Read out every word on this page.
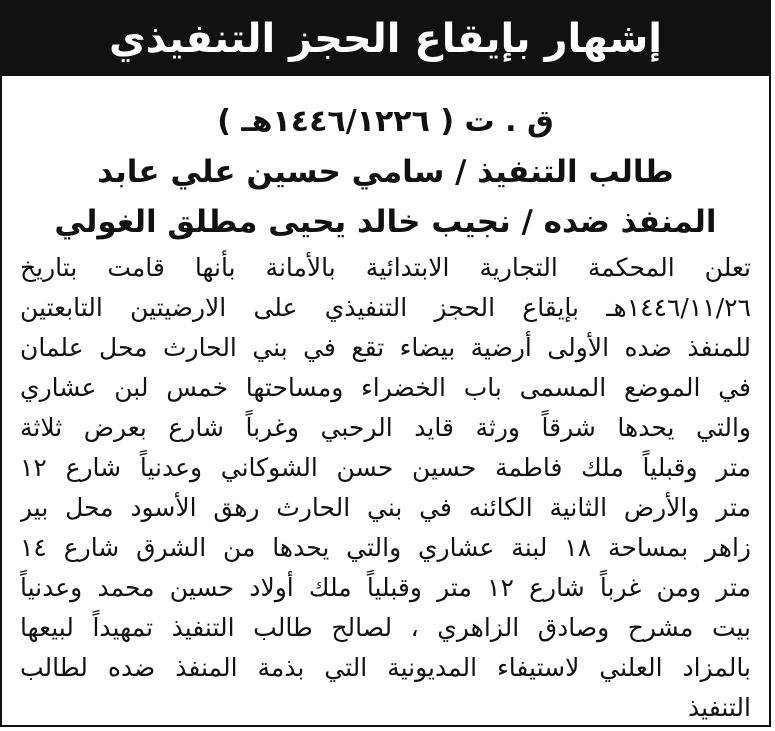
إشهار بإيقاع الحجز التنفيذي
ق . ت ( ١٤٤٦/١٢٢٦هـ )
طالب التنفيذ / سامي حسين علي عابد
المنفذ ضده / نجيب خالد يحيى مطلق الغولي
تعلن المحكمة التجارية الابتدائية بالأمانة بأنها قامت بتاريخ
١٤٤٦/١١/٢٦هـ بإيقاع الحجز التنفيذي على الارضيتين التابعتين
للمنفذ ضده الأولى أرضية بيضاء تقع في بني الحارث محل علمان
في الموضع المسمى باب الخضراء ومساحتها خمس لبن عشاري
والتي يحدها شرقاً ورثة قايد الرحبي وغرباً شارع بعرض ثلاثة
متر وقبلياً ملك فاطمة حسين حسن الشوكاني وعدنياً شارع ١٢
متر والأرض الثانية الكائنه في بني الحارث رهق الأسود محل بير
زاهر بمساحة ١٨ لبنة عشاري والتي يحدها من الشرق شارع ١٤
متر ومن غرباً شارع ١٢ متر وقبلياً ملك أولاد حسين محمد وعدنياً
بيت مشرح وصادق الزاهري ، لصالح طالب التنفيذ تمهيداً لبيعها
بالمزاد العلني لاستيفاء المديونية التي بذمة المنفذ ضده لطالب
التنفيذ
